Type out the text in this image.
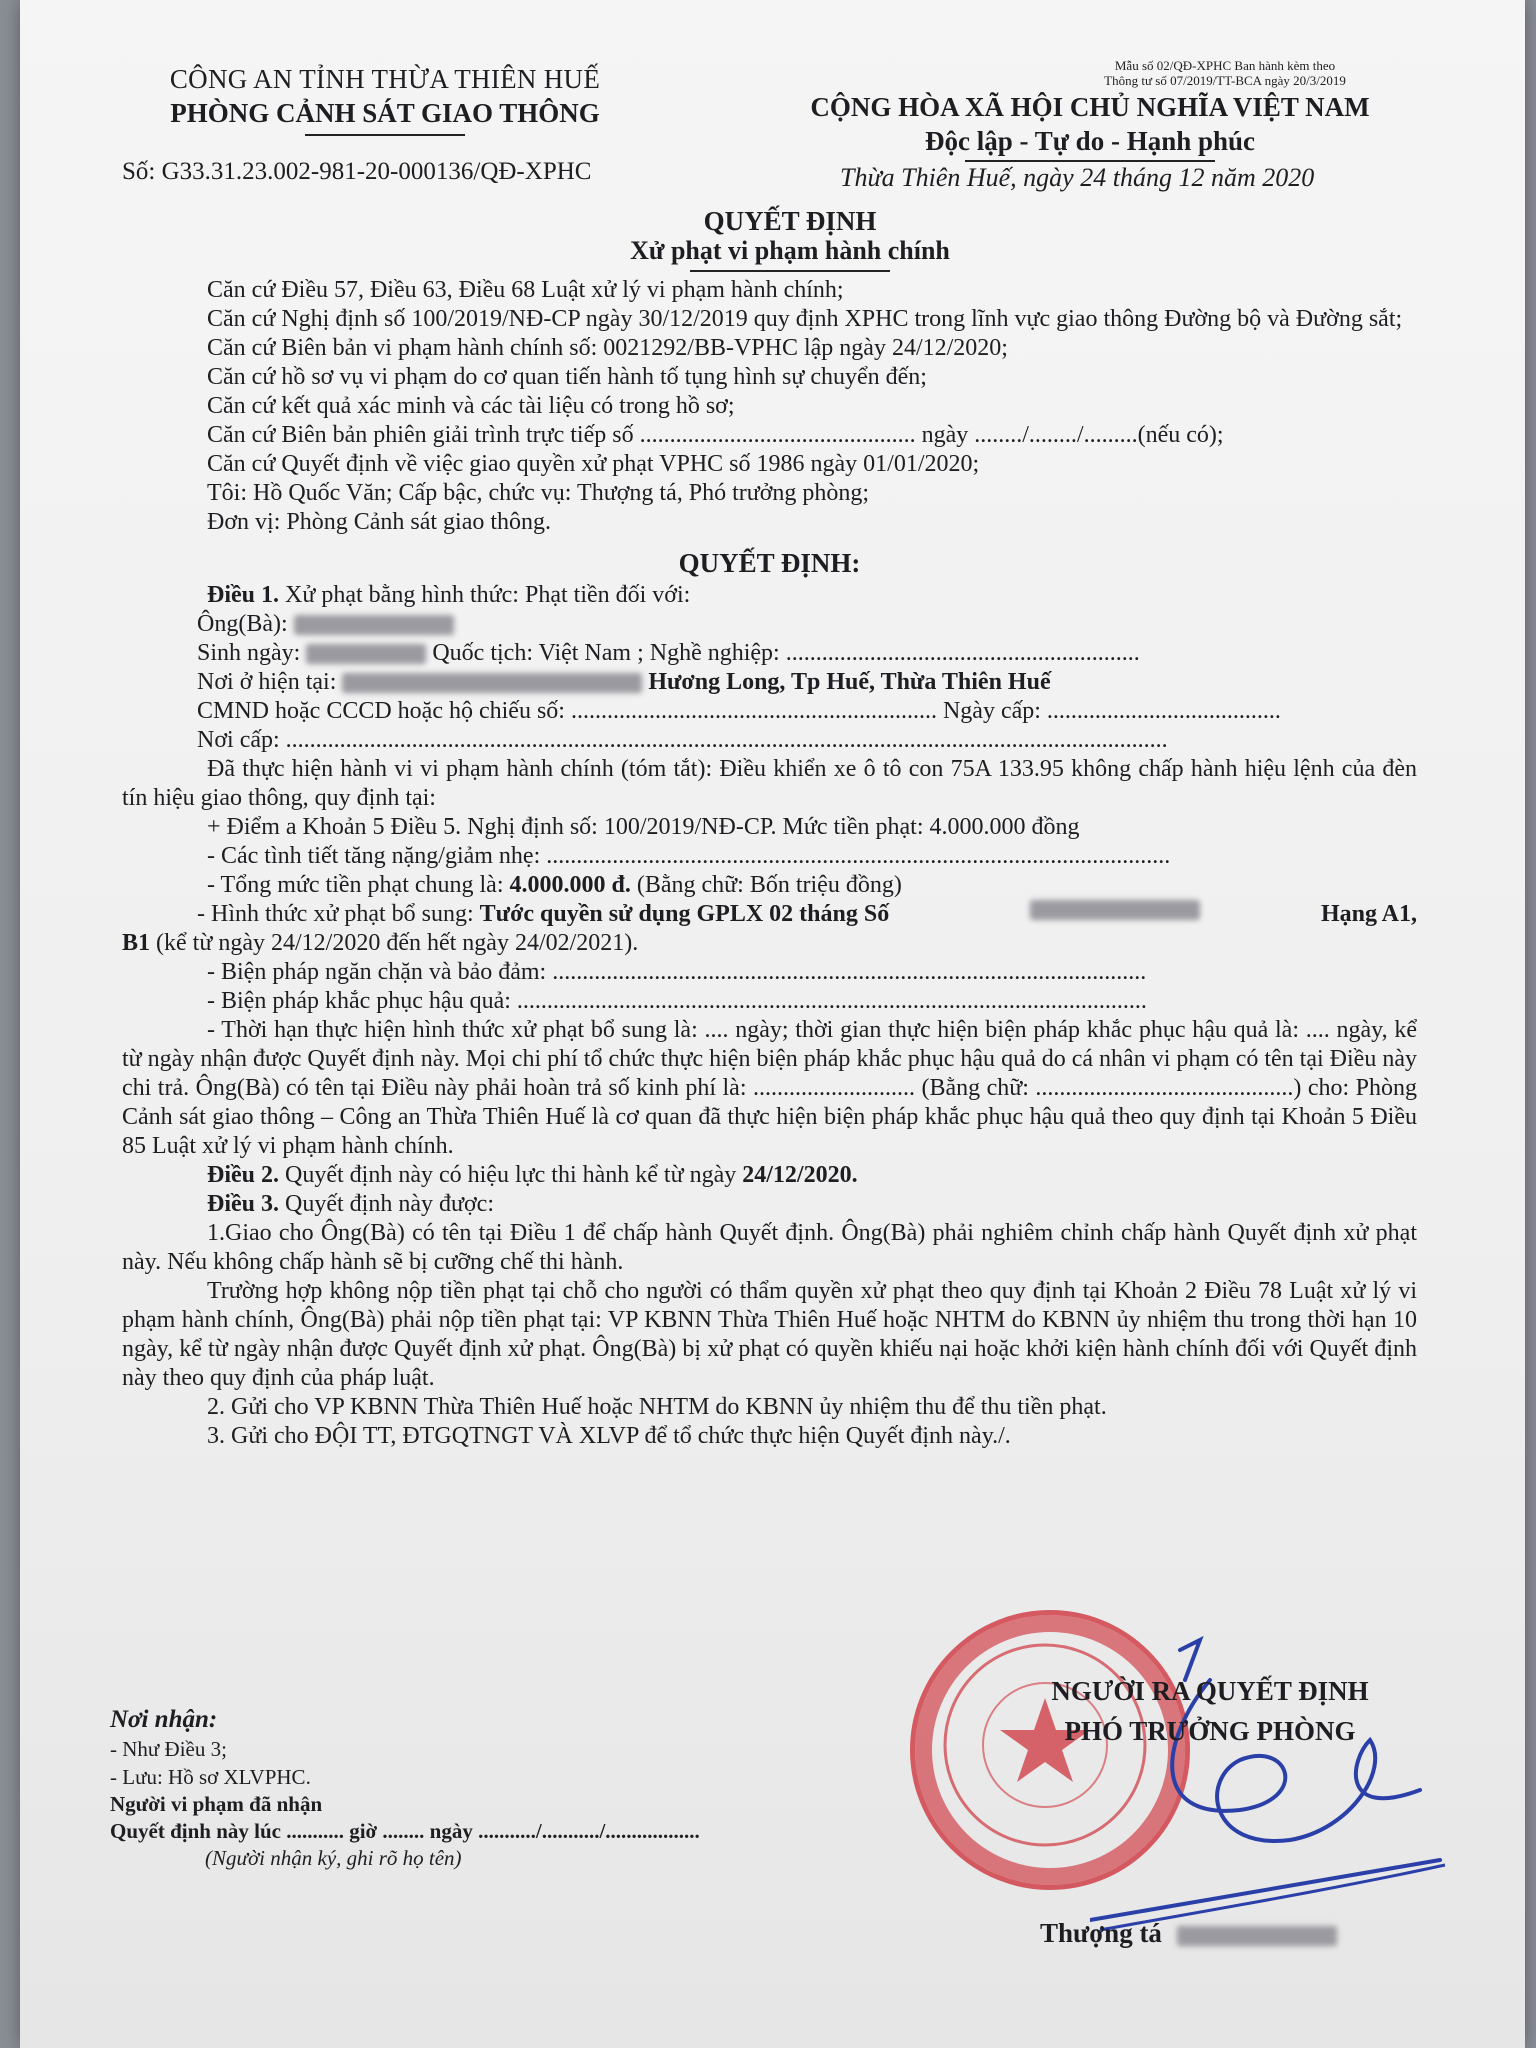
CÔNG AN TỈNH THỪA THIÊN HUẾ
PHÒNG CẢNH SÁT GIAO THÔNG
Số: G33.31.23.002-981-20-000136/QĐ-XPHC
Mẫu số 02/QĐ-XPHC Ban hành kèm theo
Thông tư số 07/2019/TT-BCA ngày 20/3/2019
CỘNG HÒA XÃ HỘI CHỦ NGHĨA VIỆT NAM
Độc lập - Tự do - Hạnh phúc
Thừa Thiên Huế, ngày 24 tháng 12 năm 2020
QUYẾT ĐỊNH
Xử phạt vi phạm hành chính
Căn cứ Điều 57, Điều 63, Điều 68 Luật xử lý vi phạm hành chính;
Căn cứ Nghị định số 100/2019/NĐ-CP ngày 30/12/2019 quy định XPHC trong lĩnh vực giao thông Đường bộ và Đường sắt;
Căn cứ Biên bản vi phạm hành chính số: 0021292/BB-VPHC lập ngày 24/12/2020;
Căn cứ hồ sơ vụ vi phạm do cơ quan tiến hành tố tụng hình sự chuyển đến;
Căn cứ kết quả xác minh và các tài liệu có trong hồ sơ;
Căn cứ Biên bản phiên giải trình trực tiếp số .............................................. ngày ......../......../.........(nếu có);
Căn cứ Quyết định về việc giao quyền xử phạt VPHC số 1986 ngày 01/01/2020;
Tôi: Hồ Quốc Văn; Cấp bậc, chức vụ: Thượng tá, Phó trưởng phòng;
Đơn vị: Phòng Cảnh sát giao thông.
QUYẾT ĐỊNH:
Điều 1. Xử phạt bằng hình thức: Phạt tiền đối với:
Ông(Bà):
Sinh ngày:	Quốc tịch: Việt Nam ; Nghề nghiệp: ...........................................................
Nơi ở hiện tại:	Hương Long, Tp Huế, Thừa Thiên Huế
CMND hoặc CCCD hoặc hộ chiếu số: ............................................................. Ngày cấp: .......................................
Nơi cấp: ...................................................................................................................................................
Đã thực hiện hành vi vi phạm hành chính (tóm tắt): Điều khiển xe ô tô con 75A 133.95 không chấp hành hiệu lệnh của đèn tín hiệu giao thông, quy định tại:
+ Điểm a Khoản 5 Điều 5. Nghị định số: 100/2019/NĐ-CP. Mức tiền phạt: 4.000.000 đồng
- Các tình tiết tăng nặng/giảm nhẹ: ........................................................................................................
- Tổng mức tiền phạt chung là: 4.000.000 đ. (Bằng chữ: Bốn triệu đồng)
- Hình thức xử phạt bổ sung: Tước quyền sử dụng GPLX 02 tháng Số	Hạng A1,
B1 (kể từ ngày 24/12/2020 đến hết ngày 24/02/2021).
- Biện pháp ngăn chặn và bảo đảm: ...................................................................................................
- Biện pháp khắc phục hậu quả: .........................................................................................................
- Thời hạn thực hiện hình thức xử phạt bổ sung là: .... ngày; thời gian thực hiện biện pháp khắc phục hậu quả là: .... ngày, kể từ ngày nhận được Quyết định này. Mọi chi phí tổ chức thực hiện biện pháp khắc phục hậu quả do cá nhân vi phạm có tên tại Điều này chi trả. Ông(Bà) có tên tại Điều này phải hoàn trả số kinh phí là: ........................... (Bằng chữ: ...........................................) cho: Phòng Cảnh sát giao thông – Công an Thừa Thiên Huế là cơ quan đã thực hiện biện pháp khắc phục hậu quả theo quy định tại Khoản 5 Điều 85 Luật xử lý vi phạm hành chính.
Điều 2. Quyết định này có hiệu lực thi hành kể từ ngày 24/12/2020.
Điều 3. Quyết định này được:
1.Giao cho Ông(Bà) có tên tại Điều 1 để chấp hành Quyết định. Ông(Bà) phải nghiêm chỉnh chấp hành Quyết định xử phạt này. Nếu không chấp hành sẽ bị cưỡng chế thi hành.
Trường hợp không nộp tiền phạt tại chỗ cho người có thẩm quyền xử phạt theo quy định tại Khoản 2 Điều 78 Luật xử lý vi phạm hành chính, Ông(Bà) phải nộp tiền phạt tại: VP KBNN Thừa Thiên Huế hoặc NHTM do KBNN ủy nhiệm thu trong thời hạn 10 ngày, kể từ ngày nhận được Quyết định xử phạt. Ông(Bà) bị xử phạt có quyền khiếu nại hoặc khởi kiện hành chính đối với Quyết định này theo quy định của pháp luật.
2. Gửi cho VP KBNN Thừa Thiên Huế hoặc NHTM do KBNN ủy nhiệm thu để thu tiền phạt.
3. Gửi cho ĐỘI TT, ĐTGQTNGT VÀ XLVP để tổ chức thực hiện Quyết định này./.
NGƯỜI RA QUYẾT ĐỊNH
PHÓ TRƯỞNG PHÒNG
Thượng tá
Nơi nhận:
- Như Điều 3;
- Lưu: Hồ sơ XLVPHC.
Người vi phạm đã nhận
Quyết định này lúc ........... giờ ........ ngày .........../.........../..................
(Người nhận ký, ghi rõ họ tên)
